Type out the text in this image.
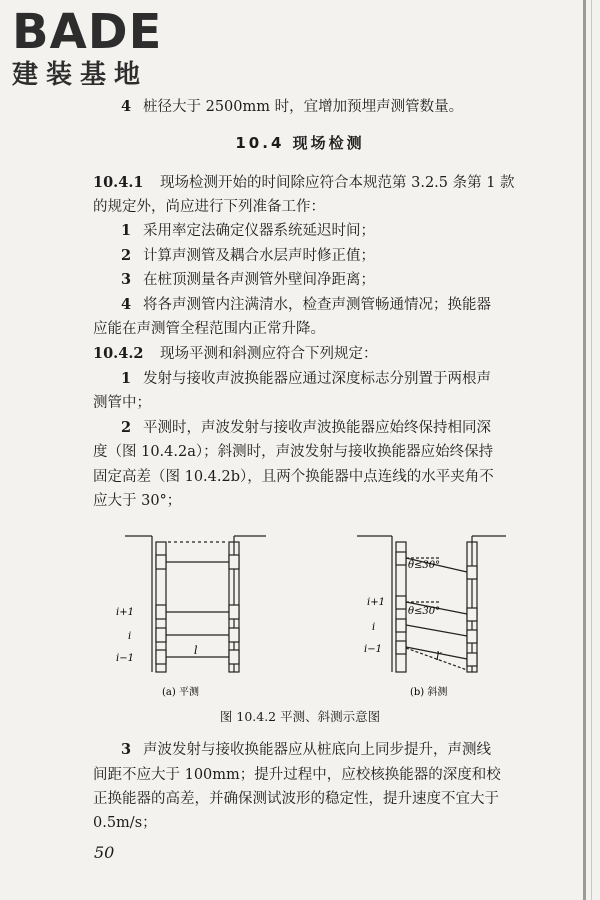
BADE
建装基地
4 桩径大于 2500mm 时，宜增加预埋声测管数量。
10.4 现场检测
10.4.1 现场检测开始的时间除应符合本规范第 3.2.5 条第 1 款
的规定外，尚应进行下列准备工作：
1 采用率定法确定仪器系统延迟时间；
2 计算声测管及耦合水层声时修正值；
3 在桩顶测量各声测管外壁间净距离；
4 将各声测管内注满清水，检查声测管畅通情况；换能器
应能在声测管全程范围内正常升降。
10.4.2 现场平测和斜测应符合下列规定：
1 发射与接收声波换能器应通过深度标志分别置于两根声
测管中；
2 平测时，声波发射与接收声波换能器应始终保持相同深
度（图 10.4.2a）；斜测时，声波发射与接收换能器应始终保持
固定高差（图 10.4.2b），且两个换能器中点连线的水平夹角不
应大于 30°；
i+1
i
i−1
l
(a) 平测
θ≤30°
θ≤30°
i+1
i
i−1
l′
(b) 斜测
图 10.4.2 平测、斜测示意图
3 声波发射与接收换能器应从桩底向上同步提升，声测线
间距不应大于 100mm；提升过程中，应校核换能器的深度和校
正换能器的高差，并确保测试波形的稳定性，提升速度不宜大于
0.5m/s；
50
